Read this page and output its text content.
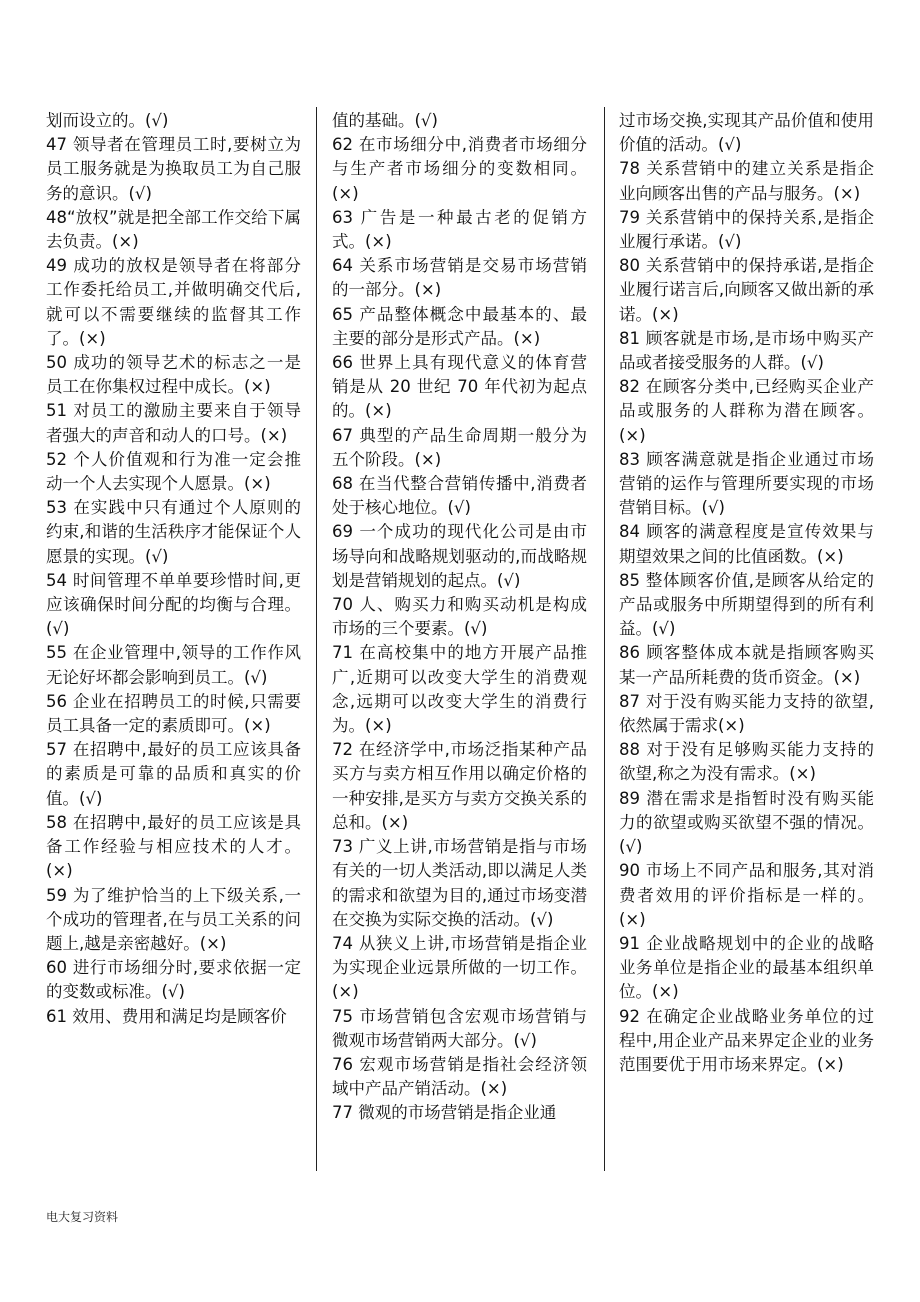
划而设立的。(√)

47 领导者在管理员工时,要树立为员工服务就是为换取员工为自己服务的意识。(√)

48“放权”就是把全部工作交给下属去负责。(×)

49 成功的放权是领导者在将部分工作委托给员工,并做明确交代后,就可以不需要继续的监督其工作了。(×)

50 成功的领导艺术的标志之一是员工在你集权过程中成长。(×)

51 对员工的激励主要来自于领导者强大的声音和动人的口号。(×)

52 个人价值观和行为准一定会推动一个人去实现个人愿景。(×)

53 在实践中只有通过个人原则的约束,和谐的生活秩序才能保证个人愿景的实现。(√)

54 时间管理不单单要珍惜时间,更应该确保时间分配的均衡与合理。(√)

55 在企业管理中,领导的工作作风无论好坏都会影响到员工。(√)

56 企业在招聘员工的时候,只需要员工具备一定的素质即可。(×)

57 在招聘中,最好的员工应该具备的素质是可靠的品质和真实的价值。(√)

58 在招聘中,最好的员工应该是具备工作经验与相应技术的人才。(×)

59 为了维护恰当的上下级关系,一个成功的管理者,在与员工关系的问题上,越是亲密越好。(×)

60 进行市场细分时,要求依据一定的变数或标准。(√)

61 效用、费用和满足均是顾客价

值的基础。(√)

62 在市场细分中,消费者市场细分与生产者市场细分的变数相同。(×)

63 广告是一种最古老的促销方式。(×)

64 关系市场营销是交易市场营销的一部分。(×)

65 产品整体概念中最基本的、最主要的部分是形式产品。(×)

66 世界上具有现代意义的体育营销是从 20 世纪 70 年代初为起点的。(×)

67 典型的产品生命周期一般分为五个阶段。(×)

68 在当代整合营销传播中,消费者处于核心地位。(√)

69 一个成功的现代化公司是由市场导向和战略规划驱动的,而战略规划是营销规划的起点。(√)

70 人、购买力和购买动机是构成市场的三个要素。(√)

71 在高校集中的地方开展产品推广,近期可以改变大学生的消费观念,远期可以改变大学生的消费行为。(×)

72 在经济学中,市场泛指某种产品买方与卖方相互作用以确定价格的一种安排,是买方与卖方交换关系的总和。(×)

73 广义上讲,市场营销是指与市场有关的一切人类活动,即以满足人类的需求和欲望为目的,通过市场变潜在交换为实际交换的活动。(√)

74 从狭义上讲,市场营销是指企业为实现企业远景所做的一切工作。(×)

75 市场营销包含宏观市场营销与微观市场营销两大部分。(√)

76 宏观市场营销是指社会经济领域中产品产销活动。(×)

77 微观的市场营销是指企业通

过市场交换,实现其产品价值和使用价值的活动。(√)

78 关系营销中的建立关系是指企业向顾客出售的产品与服务。(×)

79 关系营销中的保持关系,是指企业履行承诺。(√)

80 关系营销中的保持承诺,是指企业履行诺言后,向顾客又做出新的承诺。(×)

81 顾客就是市场,是市场中购买产品或者接受服务的人群。(√)

82 在顾客分类中,已经购买企业产品或服务的人群称为潜在顾客。(×)

83 顾客满意就是指企业通过市场营销的运作与管理所要实现的市场营销目标。(√)

84 顾客的满意程度是宣传效果与期望效果之间的比值函数。(×)

85 整体顾客价值,是顾客从给定的产品或服务中所期望得到的所有利益。(√)

86 顾客整体成本就是指顾客购买某一产品所耗费的货币资金。(×)

87 对于没有购买能力支持的欲望,依然属于需求(×)

88 对于没有足够购买能力支持的欲望,称之为没有需求。(×)

89 潜在需求是指暂时没有购买能力的欲望或购买欲望不强的情况。(√)

90 市场上不同产品和服务,其对消费者效用的评价指标是一样的。(×)

91 企业战略规划中的企业的战略业务单位是指企业的最基本组织单位。(×)

92 在确定企业战略业务单位的过程中,用企业产品来界定企业的业务范围要优于用市场来界定。(×)

电大复习资料
